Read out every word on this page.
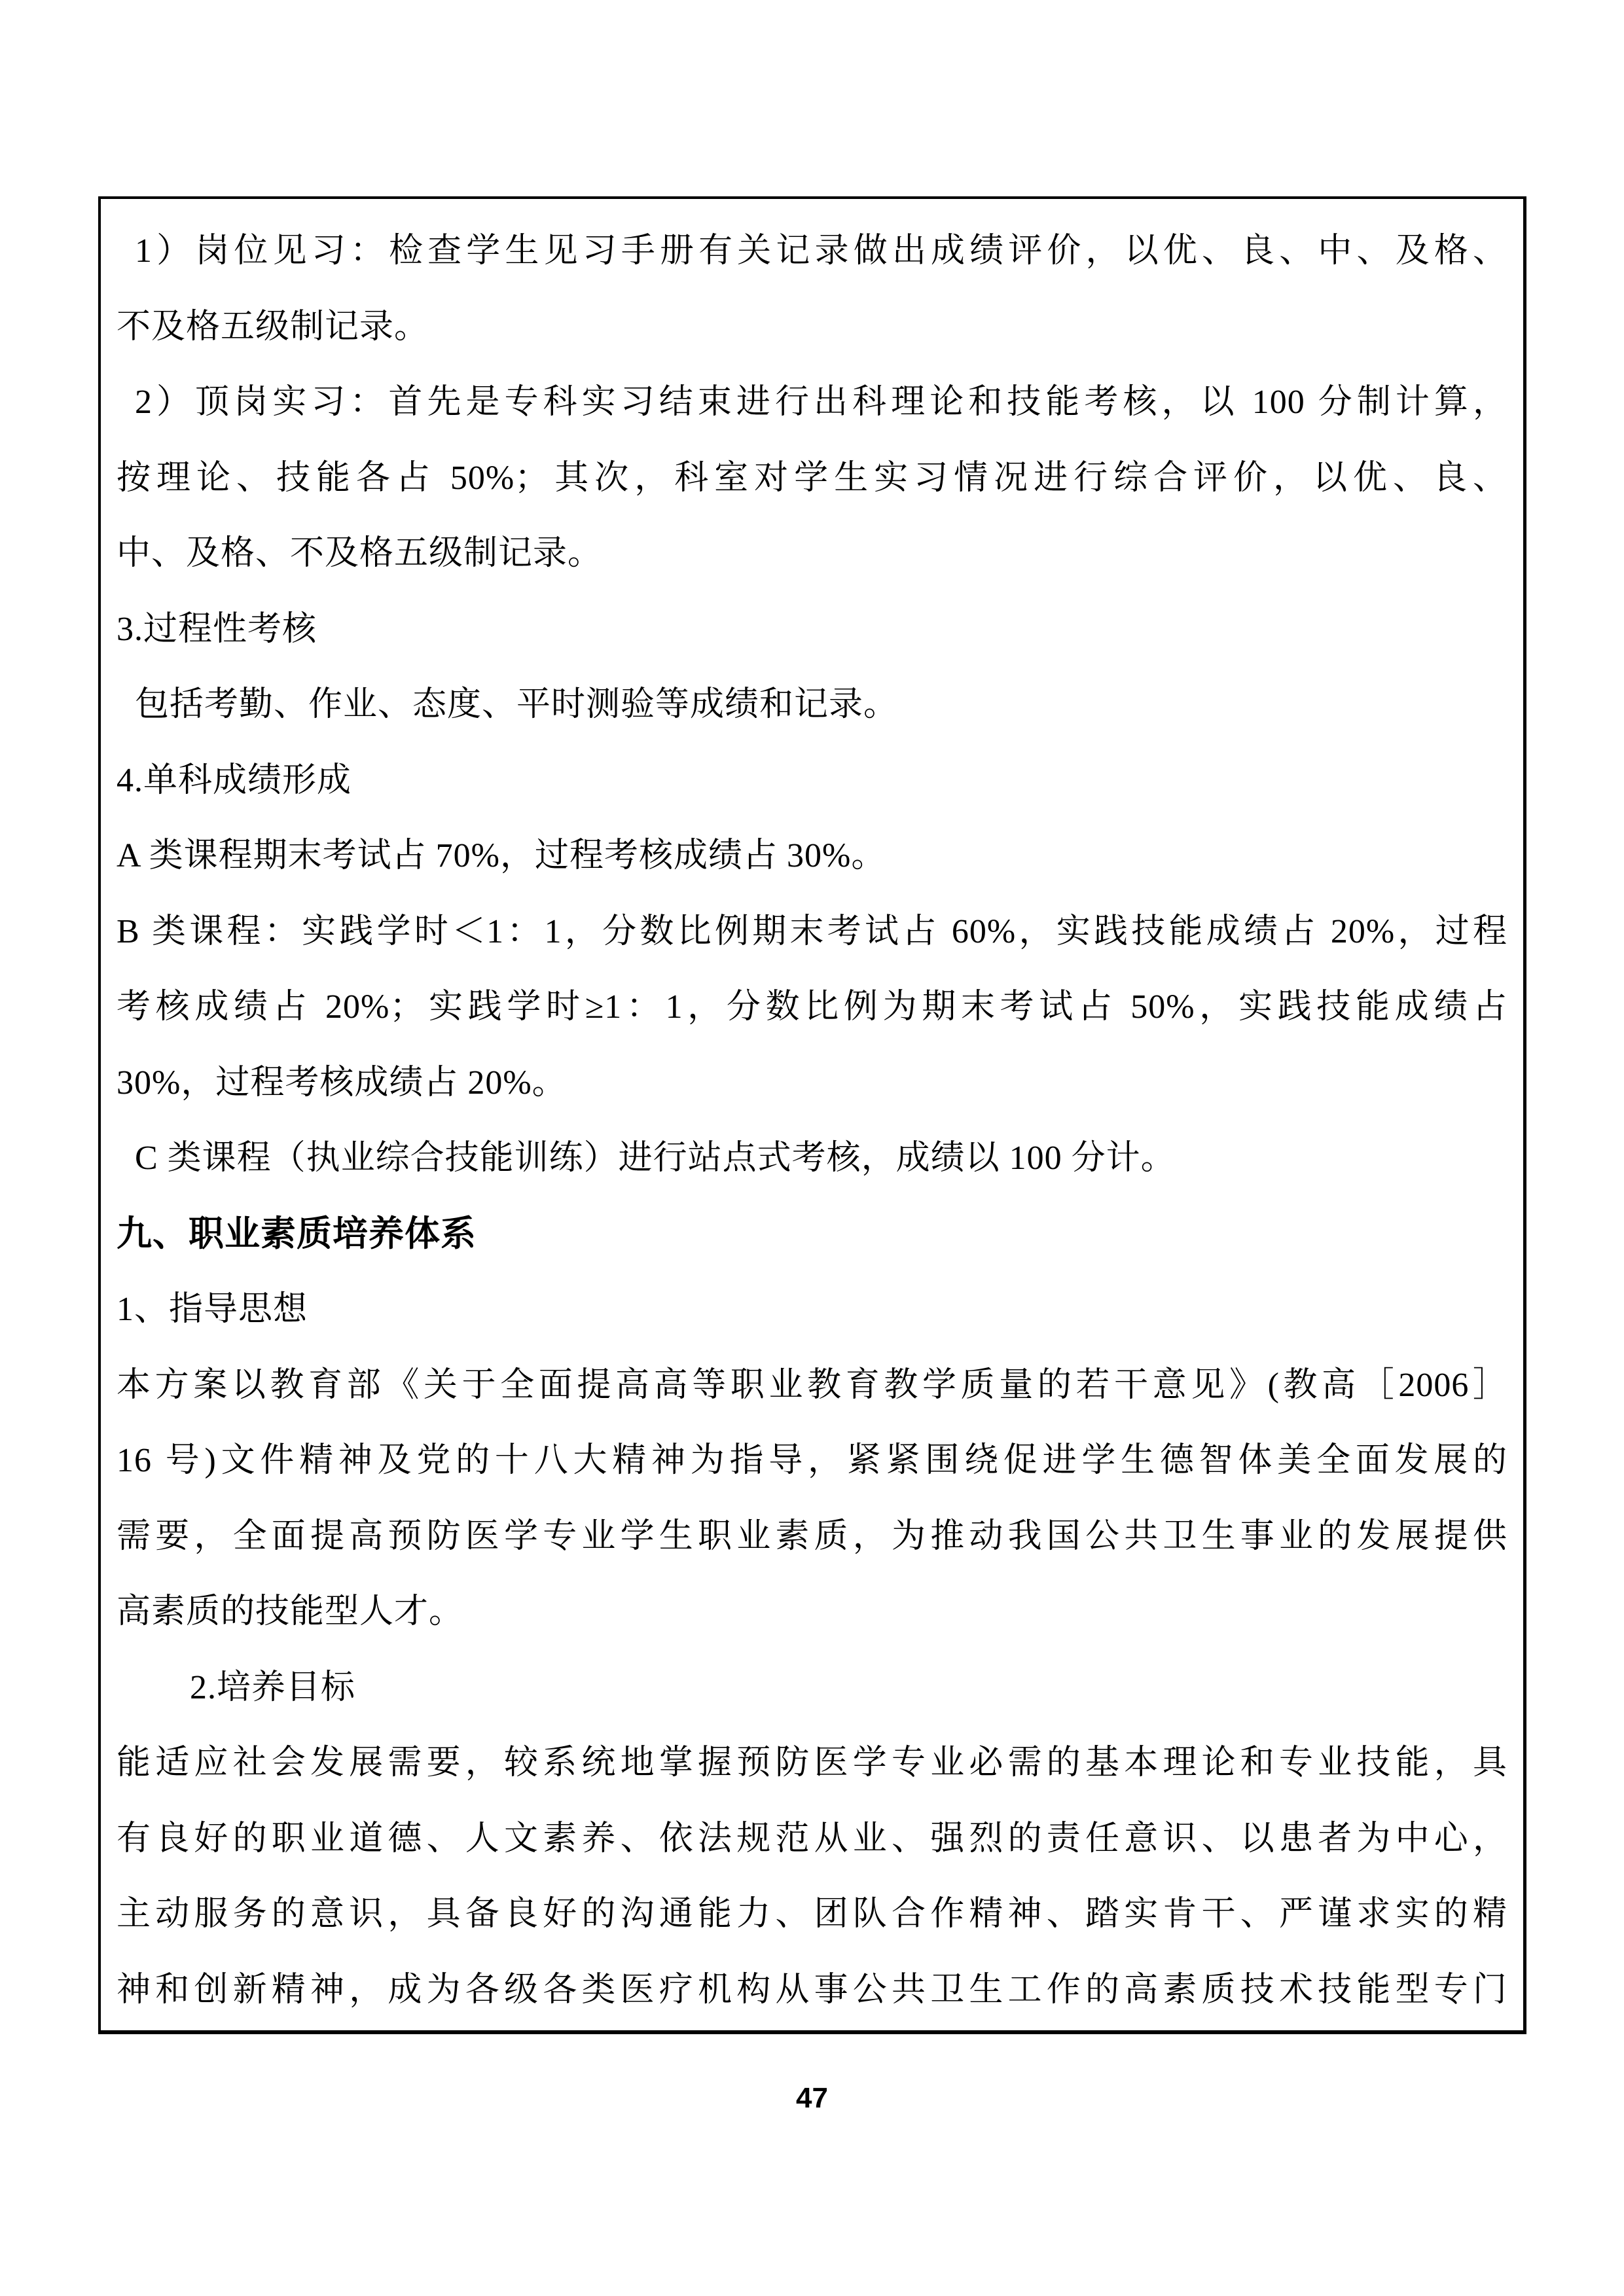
1）岗位见习：检查学生见习手册有关记录做出成绩评价，以优、良、中、及格、
不及格五级制记录。
2）顶岗实习：首先是专科实习结束进行出科理论和技能考核，以 100 分制计算，
按理论、技能各占 50%；其次，科室对学生实习情况进行综合评价，以优、良、
中、及格、不及格五级制记录。
3.过程性考核
包括考勤、作业、态度、平时测验等成绩和记录。
4.单科成绩形成
A 类课程期末考试占 70%，过程考核成绩占 30%。
B 类课程：实践学时＜1：1，分数比例期末考试占 60%，实践技能成绩占 20%，过程
考核成绩占 20%；实践学时≥1：1，分数比例为期末考试占 50%，实践技能成绩占
30%，过程考核成绩占 20%。
C 类课程（执业综合技能训练）进行站点式考核，成绩以 100 分计。
九、职业素质培养体系
1、指导思想
本方案以教育部《关于全面提高高等职业教育教学质量的若干意见》(教高［2006］
16 号)文件精神及党的十八大精神为指导，紧紧围绕促进学生德智体美全面发展的
需要，全面提高预防医学专业学生职业素质，为推动我国公共卫生事业的发展提供
高素质的技能型人才。
2.培养目标
能适应社会发展需要，较系统地掌握预防医学专业必需的基本理论和专业技能，具
有良好的职业道德、人文素养、依法规范从业、强烈的责任意识、以患者为中心，
主动服务的意识，具备良好的沟通能力、团队合作精神、踏实肯干、严谨求实的精
神和创新精神，成为各级各类医疗机构从事公共卫生工作的高素质技术技能型专门
47
